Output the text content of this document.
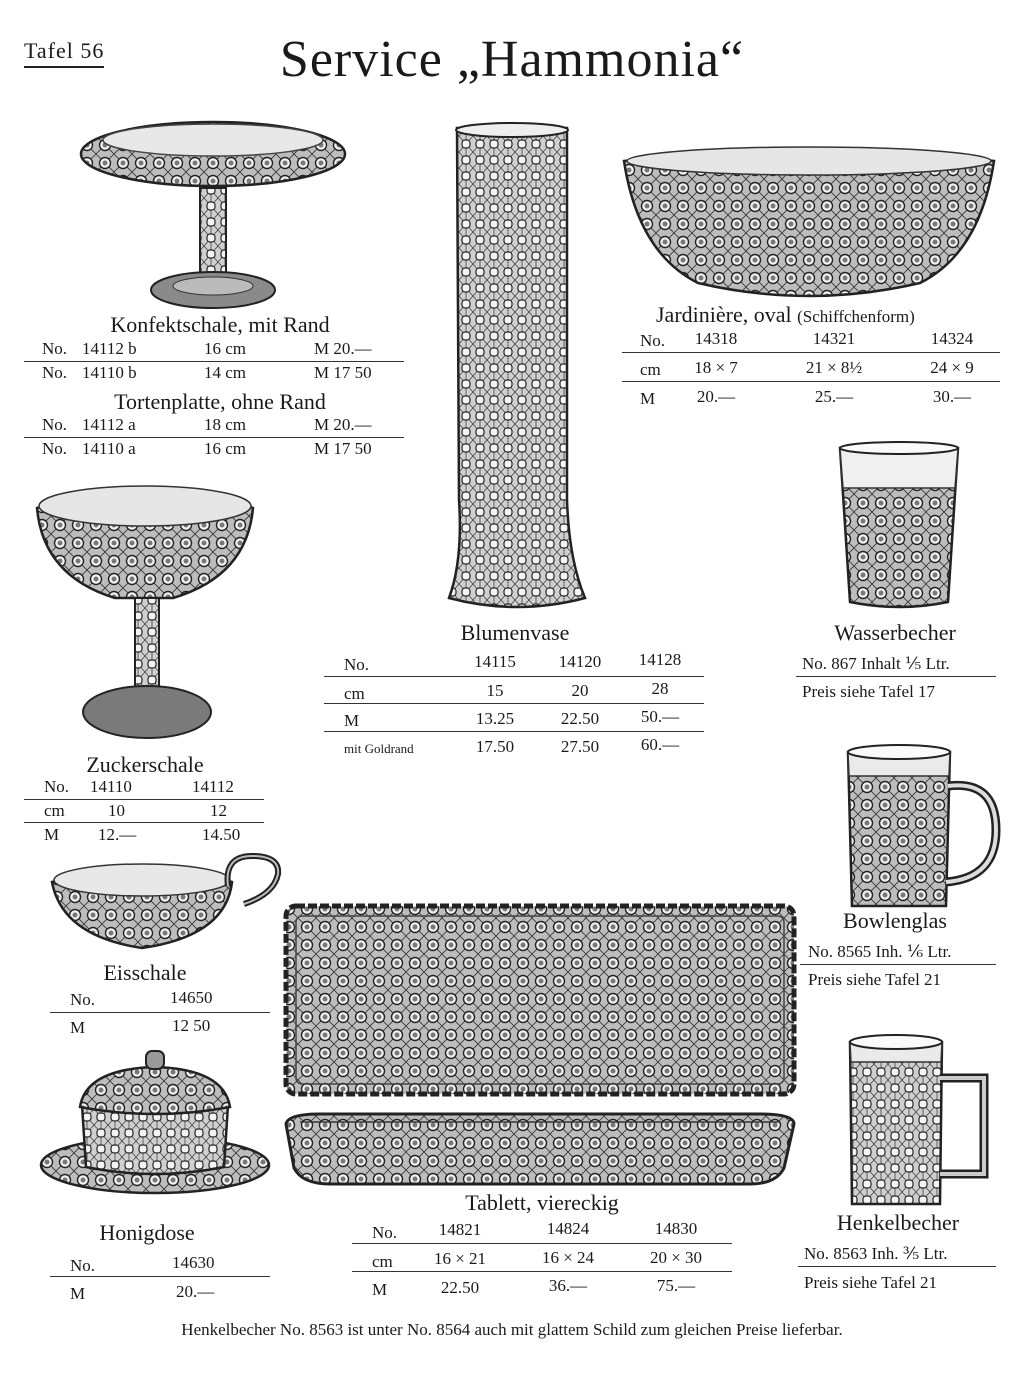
Tafel 56	Service „Hammonia“
Konfektschale, mit Rand
No. 14112 b	16 cm	M 20.—
No. 14110 b	14 cm	M 17 50
Tortenplatte, ohne Rand
No. 14112 a	18 cm	M 20.—
No. 14110 a	16 cm	M 17 50
Blumenvase
No.	14115	14120	14128
cm	15	20	28
M	13.25	22.50	50.—
mit Goldrand	17.50	27.50	60.—
Jardinière, oval (Schiffchenform)
No.	14318	14321	14324
cm	18 × 7	21 × 8½	24 × 9
M	20.—	25.—	30.—
Wasserbecher
No. 867 Inhalt ⅕ Ltr.
Preis siehe Tafel 17
Zuckerschale
No. 14110	14112
cm	10	12
M 12.—	14.50
Eisschale
No.	14650
M	12 50
Honigdose
No.	14630
M	20.—
Tablett, viereckig
No.	14821	14824	14830
cm	16 × 21	16 × 24	20 × 30
M	22.50	36.—	75.—
Bowlenglas
No. 8565 Inh. ⅙ Ltr.
Preis siehe Tafel 21
Henkelbecher
No. 8563 Inh. ⅗ Ltr.
Preis siehe Tafel 21
Henkelbecher No. 8563 ist unter No. 8564 auch mit glattem Schild zum gleichen Preise lieferbar.
